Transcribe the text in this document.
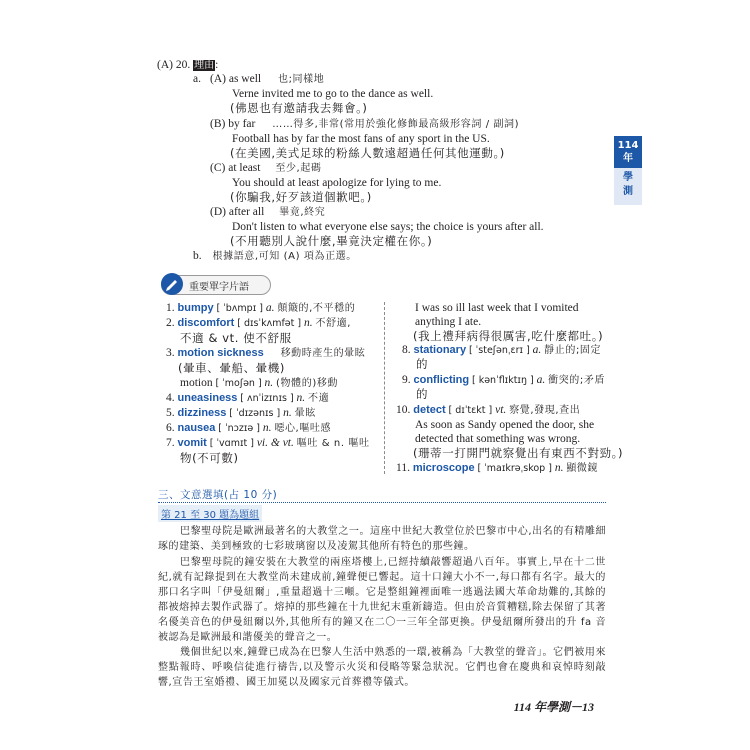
(A) 20. 理由:
a. (A) as well 也;同樣地
Verne invited me to go to the dance as well.
(佛恩也有邀請我去舞會。)
(B) by far ……得多,非常(常用於強化修飾最高級形容詞 / 副詞)
Football has by far the most fans of any sport in the US.
(在美國,美式足球的粉絲人數遠超過任何其他運動。)
(C) at least 至少,起碼
You should at least apologize for lying to me.
(你騙我,好歹該道個歉吧。)
(D) after all 畢竟,終究
Don't listen to what everyone else says; the choice is yours after all.
(不用聽別人說什麼,畢竟決定權在你。)
b. 根據語意,可知 (A) 項為正選。
114
年
學
測
重要單字片語
1. bumpy [ ˈbʌmpɪ ] a. 顛簸的,不平穩的
2. discomfort [ dɪsˈkʌmfət ] n. 不舒適,
不適 & vt. 使不舒服
3. motion sickness 移動時產生的暈眩
(暈車、暈船、暈機)
motion [ ˈmoʃən ] n. (物體的)移動
4. uneasiness [ ʌnˈizɪnɪs ] n. 不適
5. dizziness [ ˈdɪzənɪs ] n. 暈眩
6. nausea [ ˈnɔzɪə ] n. 噁心,嘔吐感
7. vomit [ ˈvɑmɪt ] vi. & vt. 嘔吐 & n. 嘔吐
物(不可數)
I was so ill last week that I vomited
anything I ate.
(我上禮拜病得很厲害,吃什麼都吐。)
8. stationary [ ˈsteʃənˌɛrɪ ] a. 靜止的;固定
的
9. conflicting [ kənˈflɪktɪŋ ] a. 衝突的;矛盾
的
10. detect [ dɪˈtɛkt ] vt. 察覺,發現,查出
As soon as Sandy opened the door, she
detected that something was wrong.
(珊蒂一打開門就察覺出有東西不對勁。)
11. microscope [ ˈmaɪkrəˌskop ] n. 顯微鏡
三、文意選填(占 10 分)
第 21 至 30 題為題組
巴黎聖母院是歐洲最著名的大教堂之一。這座中世紀大教堂位於巴黎市中心,出名的有精雕細琢的建築、美到極致的七彩玻璃窗以及凌駕其他所有特色的那些鐘。
巴黎聖母院的鐘安裝在大教堂的兩座塔樓上,已經持續敲響超過八百年。事實上,早在十二世紀,就有記錄提到在大教堂尚未建成前,鐘聲便已響起。這十口鐘大小不一,每口都有名字。最大的那口名字叫「伊曼紐爾」,重量超過十三噸。它是整組鐘裡面唯一逃過法國大革命劫難的,其餘的都被熔掉去製作武器了。熔掉的那些鐘在十九世紀末重新鑄造。但由於音質糟糕,除去保留了其著名優美音色的伊曼紐爾以外,其他所有的鐘又在二〇一三年全部更換。伊曼紐爾所發出的升 fa 音被認為是歐洲最和諧優美的聲音之一。
幾個世紀以來,鐘聲已成為在巴黎人生活中熟悉的一環,被稱為「大教堂的聲音」。它們被用來整點報時、呼喚信徒進行禱告,以及警示火災和侵略等緊急狀況。它們也會在慶典和哀悼時刻敲響,宣告王室婚禮、國王加冕以及國家元首葬禮等儀式。
114 年學測－13
